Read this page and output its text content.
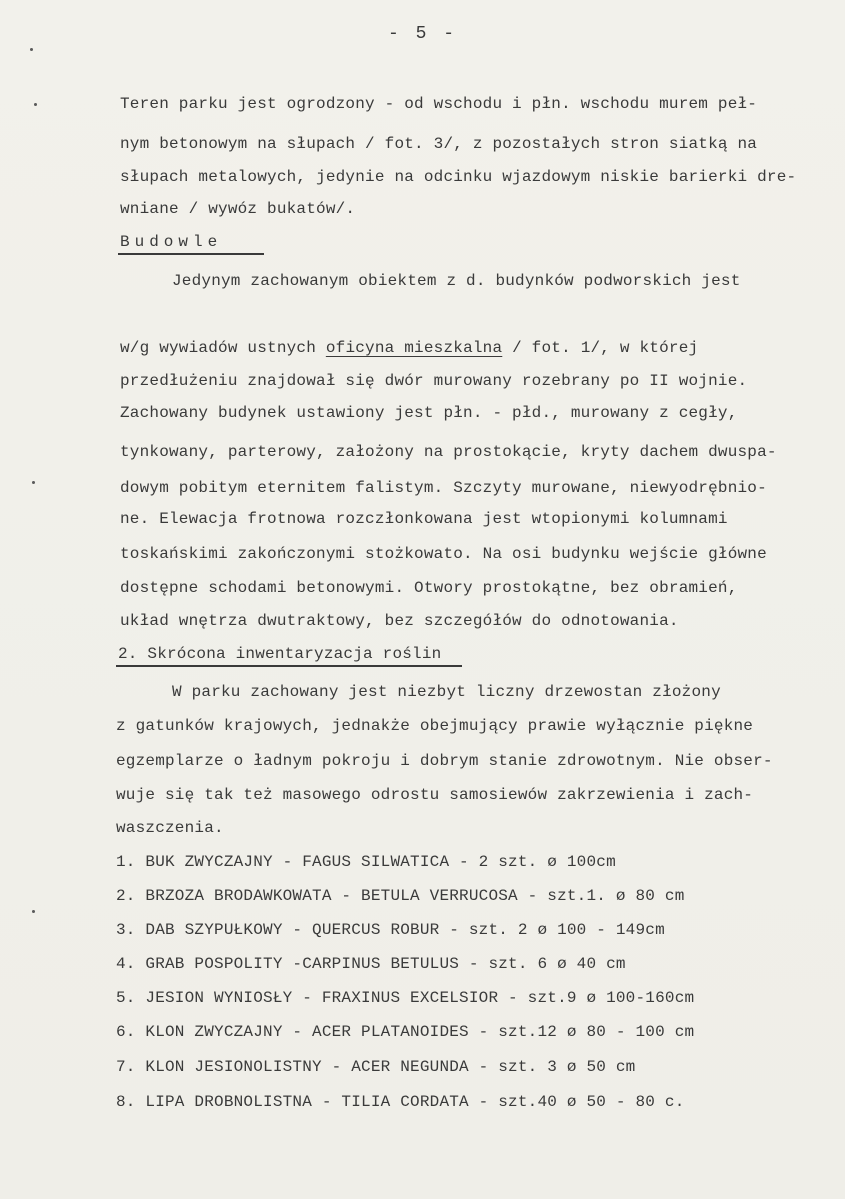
- 5 -
Teren parku jest ogrodzony - od wschodu i płn. wschodu murem peł-
nym betonowym na słupach / fot. 3/, z pozostałych stron siatką na
słupach metalowych, jedynie na odcinku wjazdowym niskie barierki dre-
wniane / wywóz bukatów/.
Budowle
Jedynym zachowanym obiektem z d. budynków podworskich jest
w/g wywiadów ustnych oficyna mieszkalna / fot. 1/, w której
przedłużeniu znajdował się dwór murowany rozebrany po II wojnie.
Zachowany budynek ustawiony jest płn. - płd., murowany z cegły,
tynkowany, parterowy, założony na prostokącie, kryty dachem dwuspa-
dowym pobitym eternitem falistym. Szczyty murowane, niewyodrębnio-
ne. Elewacja frotnowa rozczłonkowana jest wtopionymi kolumnami
toskańskimi zakończonymi stożkowato. Na osi budynku wejście główne
dostępne schodami betonowymi. Otwory prostokątne, bez obramień,
układ wnętrza dwutraktowy, bez szczegółów do odnotowania.
2. Skrócona inwentaryzacja roślin
W parku zachowany jest niezbyt liczny drzewostan złożony
z gatunków krajowych, jednakże obejmujący prawie wyłącznie piękne
egzemplarze o ładnym pokroju i dobrym stanie zdrowotnym. Nie obser-
wuje się tak też masowego odrostu samosiewów zakrzewienia i zach-
waszczenia.
1. BUK ZWYCZAJNY - FAGUS SILWATICA - 2 szt. ø 100cm
2. BRZOZA BRODAWKOWATA - BETULA VERRUCOSA - szt.1. ø 80 cm
3. DAB SZYPUŁKOWY - QUERCUS ROBUR - szt. 2 ø 100 - 149cm
4. GRAB POSPOLITY -CARPINUS BETULUS - szt. 6 ø 40 cm
5. JESION WYNIOSŁY - FRAXINUS EXCELSIOR - szt.9 ø 100-160cm
6. KLON ZWYCZAJNY - ACER PLATANOIDES - szt.12 ø 80 - 100 cm
7. KLON JESIONOLISTNY - ACER NEGUNDA - szt. 3 ø 50 cm
8. LIPA DROBNOLISTNA - TILIA CORDATA - szt.40 ø 50 - 80 c.
